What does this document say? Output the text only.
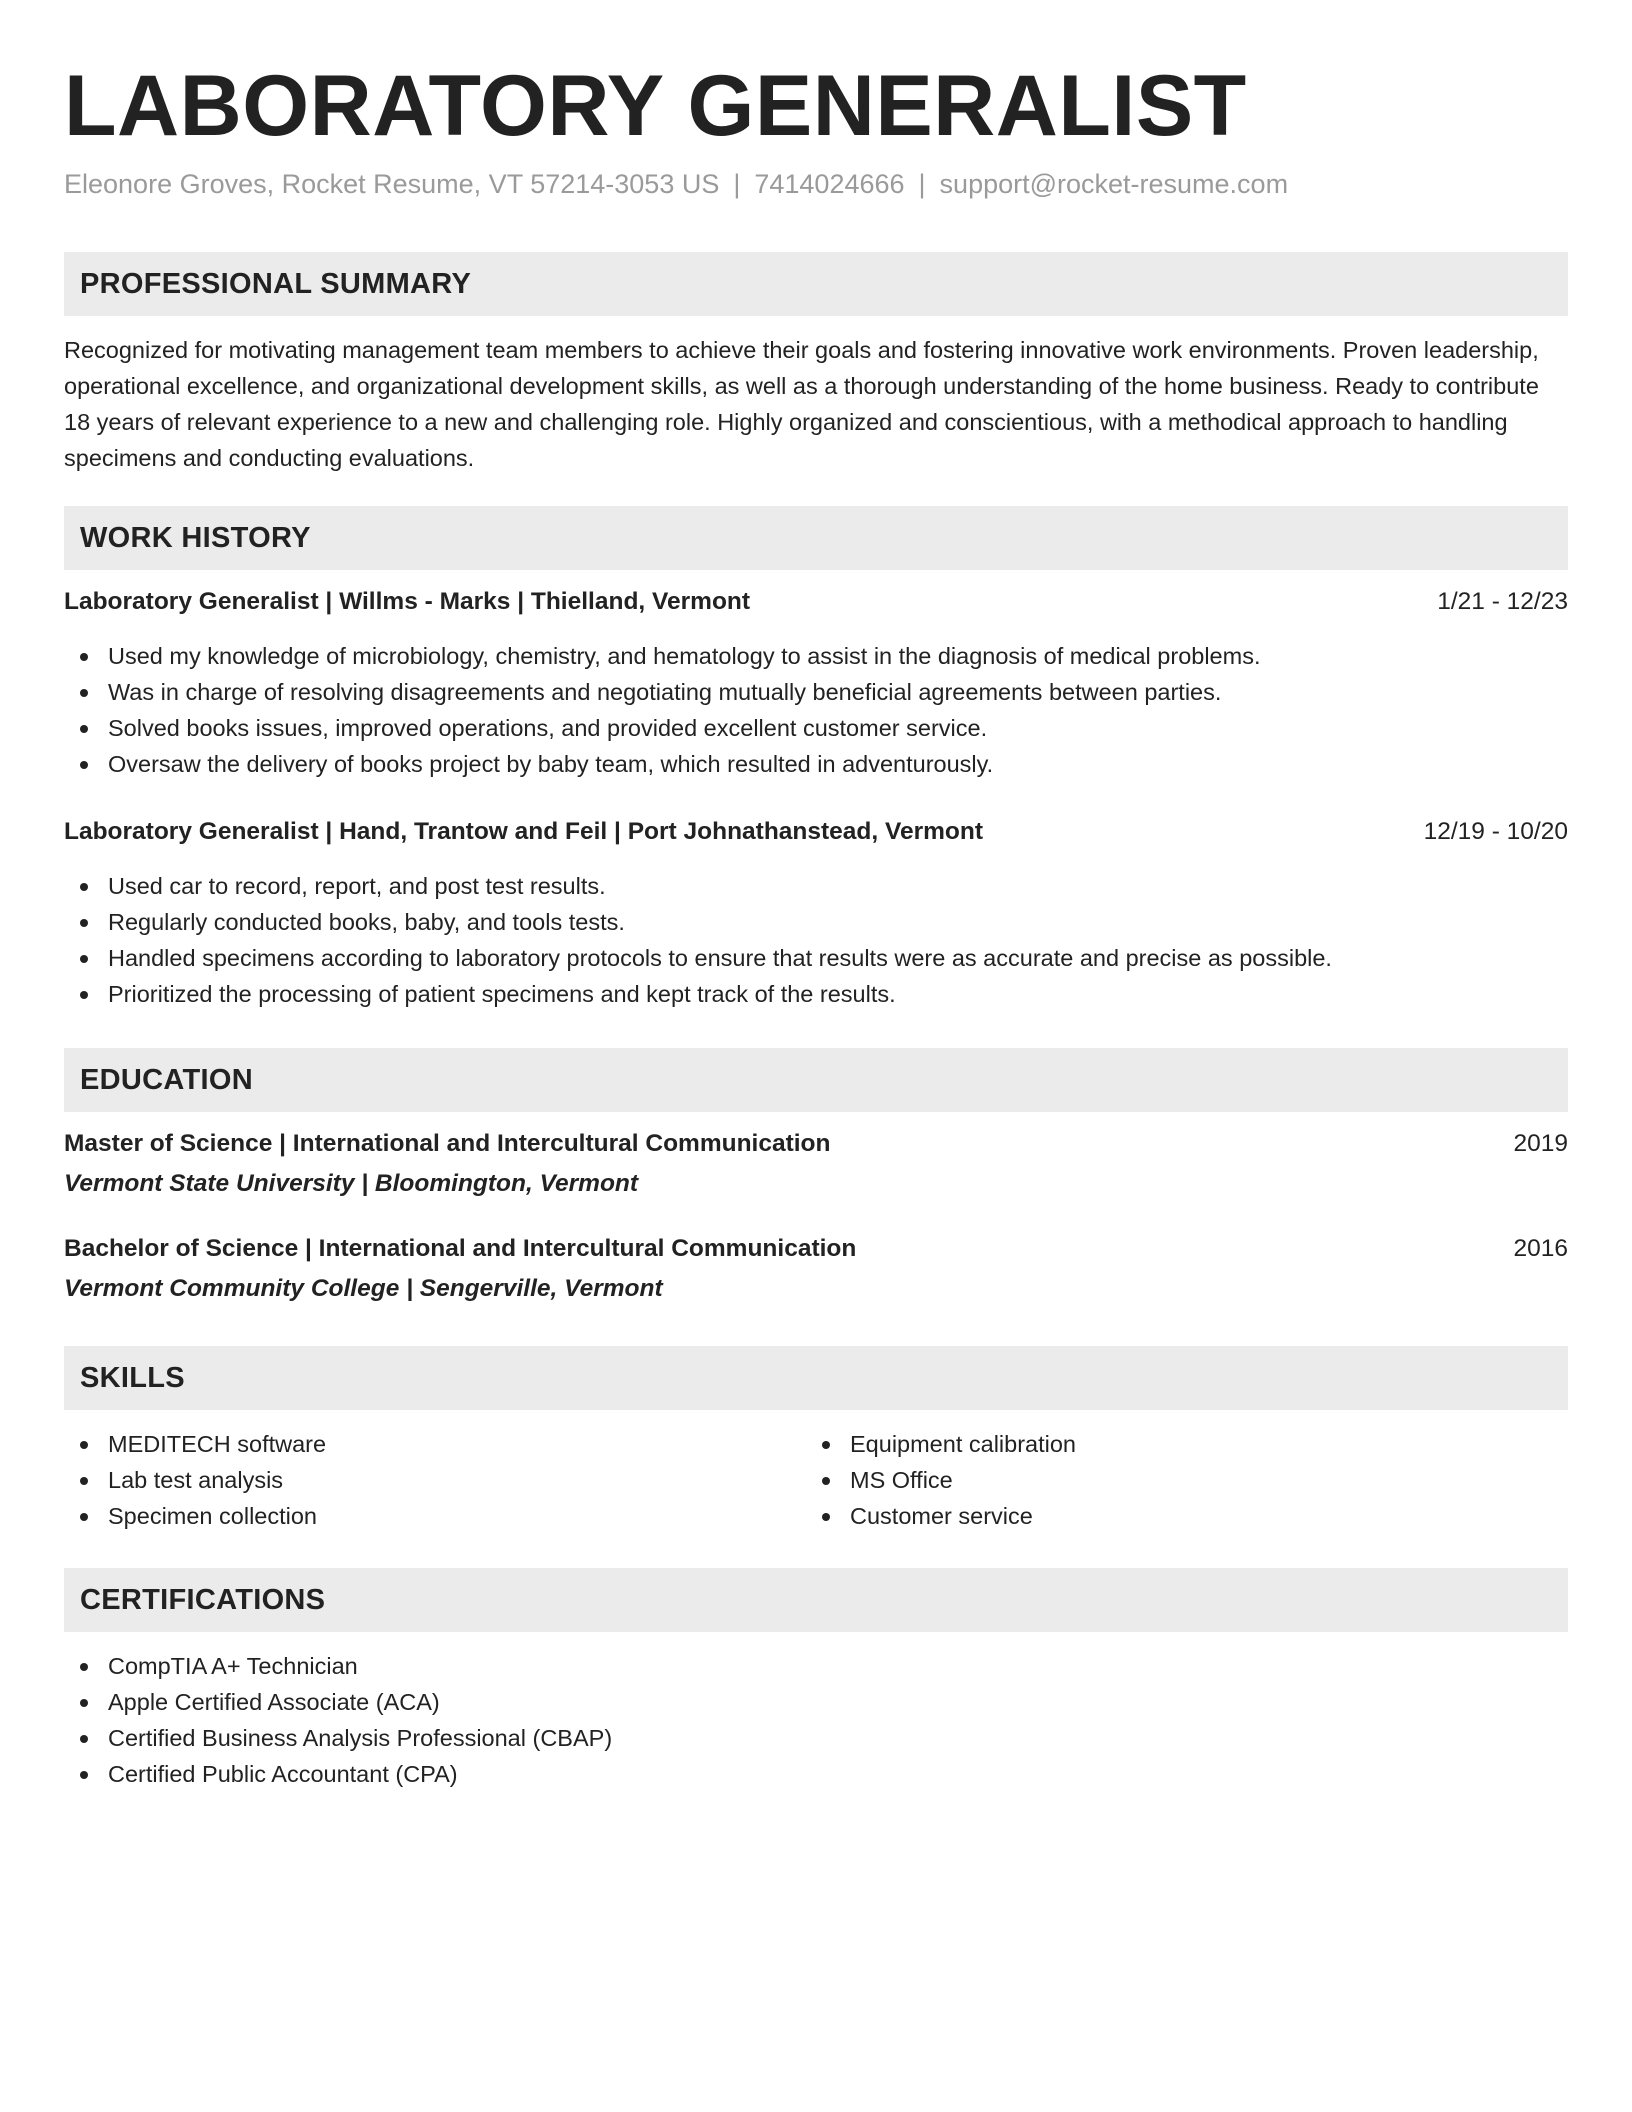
LABORATORY GENERALIST
Eleonore Groves, Rocket Resume, VT 57214-3053 US | 7414024666 | support@rocket-resume.com
PROFESSIONAL SUMMARY

Recognized for motivating management team members to achieve their goals and fostering innovative work environments. Proven leadership, operational excellence, and organizational development skills, as well as a thorough understanding of the home business. Ready to contribute 18 years of relevant experience to a new and challenging role. Highly organized and conscientious, with a methodical approach to handling specimens and conducting evaluations.

WORK HISTORY
Laboratory Generalist | Willms - Marks | Thielland, Vermont	1/21 - 12/23
Used my knowledge of microbiology, chemistry, and hematology to assist in the diagnosis of medical problems.
Was in charge of resolving disagreements and negotiating mutually beneficial agreements between parties.
Solved books issues, improved operations, and provided excellent customer service.
Oversaw the delivery of books project by baby team, which resulted in adventurously.
Laboratory Generalist | Hand, Trantow and Feil | Port Johnathanstead, Vermont	12/19 - 10/20
Used car to record, report, and post test results.
Regularly conducted books, baby, and tools tests.
Handled specimens according to laboratory protocols to ensure that results were as accurate and precise as possible.
Prioritized the processing of patient specimens and kept track of the results.
EDUCATION
Master of Science | International and Intercultural Communication	2019
Vermont State University | Bloomington, Vermont
Bachelor of Science | International and Intercultural Communication	2016
Vermont Community College | Sengerville, Vermont
SKILLS
MEDITECH software
Lab test analysis
Specimen collection
Equipment calibration
MS Office
Customer service
CERTIFICATIONS
CompTIA A+ Technician
Apple Certified Associate (ACA)
Certified Business Analysis Professional (CBAP)
Certified Public Accountant (CPA)
